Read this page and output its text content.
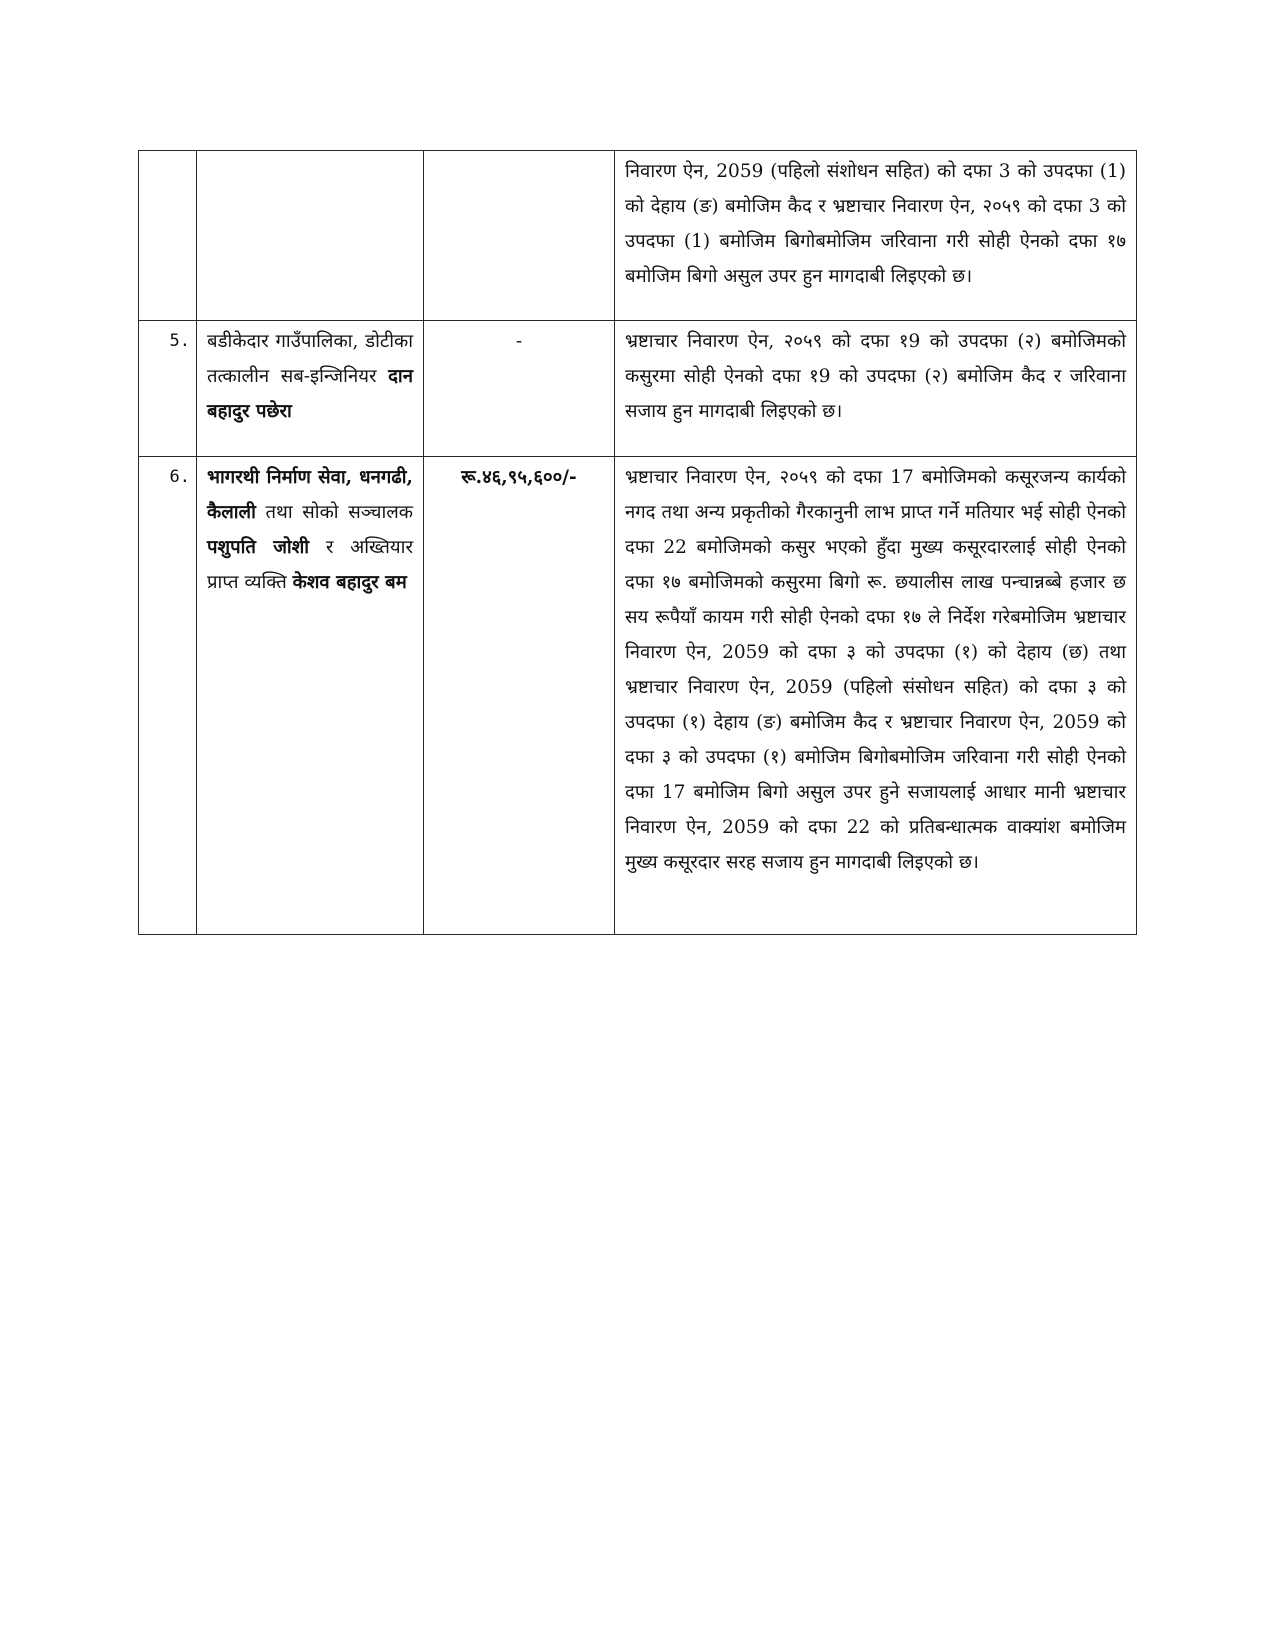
			निवारण ऐन, 2059 (पहिलो संशोधन सहित) को दफा 3 को उपदफा (1) को देहाय (ङ) बमोजिम कैद र भ्रष्टाचार निवारण ऐन, २०५९ को दफा 3 को उपदफा (1) बमोजिम बिगोबमोजिम जरिवाना गरी सोही ऐनको दफा १७ बमोजिम बिगो असुल उपर हुन मागदाबी लिइएको छ।
5.	बडीकेदार गाउँपालिका, डोटीका तत्कालीन सब-इन्जिनियर दान बहादुर पछेरा	-	भ्रष्टाचार निवारण ऐन, २०५९ को दफा १9 को उपदफा (२) बमोजिमको कसुरमा सोही ऐनको दफा १9 को उपदफा (२) बमोजिम कैद र जरिवाना सजाय हुन मागदाबी लिइएको छ।
6.	भागरथी निर्माण सेवा, धनगढी, कैलाली तथा सोको सञ्चालक पशुपति जोशी र अख्तियार प्राप्त व्यक्ति केशव बहादुर बम	रू.४६,९५,६००/-	भ्रष्टाचार निवारण ऐन, २०५९ को दफा 17 बमोजिमको कसूरजन्य कार्यको नगद तथा अन्य प्रकृतीको गैरकानुनी लाभ प्राप्त गर्ने मतियार भई सोही ऐनको दफा 22 बमोजिमको कसुर भएको हुँदा मुख्य कसूरदारलाई सोही ऐनको दफा १७ बमोजिमको कसुरमा बिगो रू. छयालीस लाख पन्चान्नब्बे हजार छ सय रूपैयाँ कायम गरी सोही ऐनको दफा १७ ले निर्देश गरेबमोजिम भ्रष्टाचार निवारण ऐन, 2059 को दफा ३ को उपदफा (१) को देहाय (छ) तथा भ्रष्टाचार निवारण ऐन, 2059 (पहिलो संसोधन सहित) को दफा ३ को उपदफा (१) देहाय (ङ) बमोजिम कैद र भ्रष्टाचार निवारण ऐन, 2059 को दफा ३ को उपदफा (१) बमोजिम बिगोबमोजिम जरिवाना गरी सोही ऐनको दफा 17 बमोजिम बिगो असुल उपर हुने सजायलाई आधार मानी भ्रष्टाचार निवारण ऐन, 2059 को दफा 22 को प्रतिबन्धात्मक वाक्यांश बमोजिम मुख्य कसूरदार सरह सजाय हुन मागदाबी लिइएको छ।
